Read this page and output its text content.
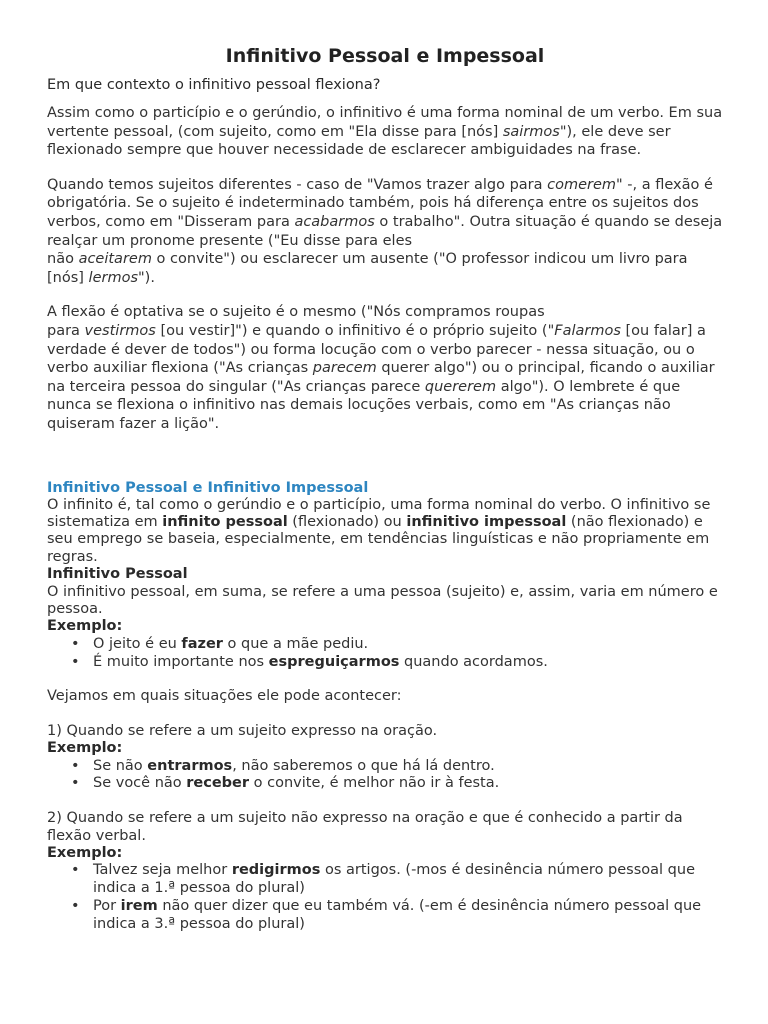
Infinitivo Pessoal e Impessoal

Em que contexto o infinitivo pessoal flexiona?

Assim como o particípio e o gerúndio, o infinitivo é uma forma nominal de um verbo. Em sua vertente pessoal, (com sujeito, como em "Ela disse para [nós] sairmos"), ele deve ser flexionado sempre que houver necessidade de esclarecer ambiguidades na frase.

Quando temos sujeitos diferentes - caso de "Vamos trazer algo para comerem" -, a flexão é obrigatória. Se o sujeito é indeterminado também, pois há diferença entre os sujeitos dos verbos, como em "Disseram para acabarmos o trabalho". Outra situação é quando se deseja realçar um pronome presente ("Eu disse para eles
não aceitarem o convite") ou esclarecer um ausente ("O professor indicou um livro para [nós] lermos").

A flexão é optativa se o sujeito é o mesmo ("Nós compramos roupas
para vestirmos [ou vestir]") e quando o infinitivo é o próprio sujeito ("Falarmos [ou falar] a verdade é dever de todos") ou forma locução com o verbo parecer - nessa situação, ou o verbo auxiliar flexiona ("As crianças parecem querer algo") ou o principal, ficando o auxiliar na terceira pessoa do singular ("As crianças parece quererem algo"). O lembrete é que nunca se flexiona o infinitivo nas demais locuções verbais, como em "As crianças não quiseram fazer a lição".

Infinitivo Pessoal e Infinitivo Impessoal

O infinito é, tal como o gerúndio e o particípio, uma forma nominal do verbo. O infinitivo se sistematiza em infinito pessoal (flexionado) ou infinitivo impessoal (não flexionado) e seu emprego se baseia, especialmente, em tendências linguísticas e não propriamente em regras.

Infinitivo Pessoal

O infinitivo pessoal, em suma, se refere a uma pessoa (sujeito) e, assim, varia em número e pessoa.

Exemplo:

• O jeito é eu fazer o que a mãe pediu.
• É muito importante nos espreguiçarmos quando acordamos.

Vejamos em quais situações ele pode acontecer:

1) Quando se refere a um sujeito expresso na oração.

Exemplo:

• Se não entrarmos, não saberemos o que há lá dentro.
• Se você não receber o convite, é melhor não ir à festa.

2) Quando se refere a um sujeito não expresso na oração e que é conhecido a partir da flexão verbal.

Exemplo:

• Talvez seja melhor redigirmos os artigos. (-mos é desinência número pessoal que indica a 1.ª pessoa do plural)
• Por irem não quer dizer que eu também vá. (-em é desinência número pessoal que indica a 3.ª pessoa do plural)
